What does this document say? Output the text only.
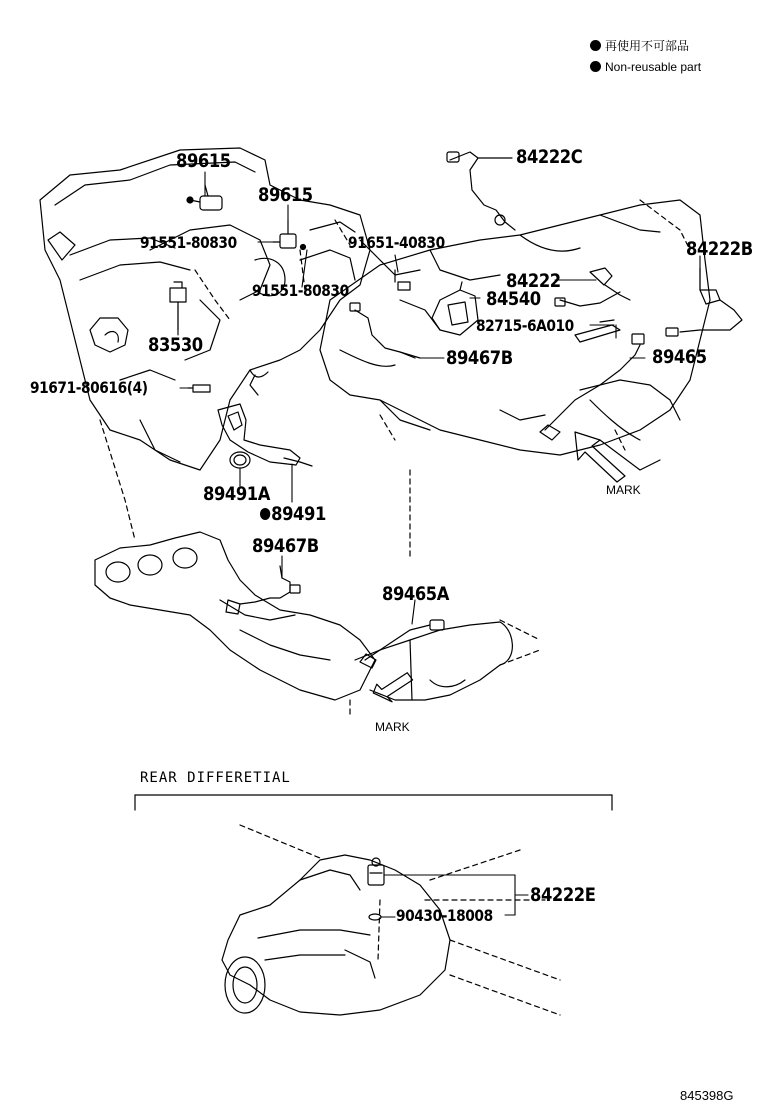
再使用不可部品
Non-reusable part
89615
89615
91551-80830	91651-40830
91551-80830
83530
91671-80616(4)
89491A
89491
89467B
89465A
84222C
84222B
84222
84540
82715-6A010
89467B	89465
84222E
90430-18008
MARK
MARK
REAR DIFFERETIAL
845398G
